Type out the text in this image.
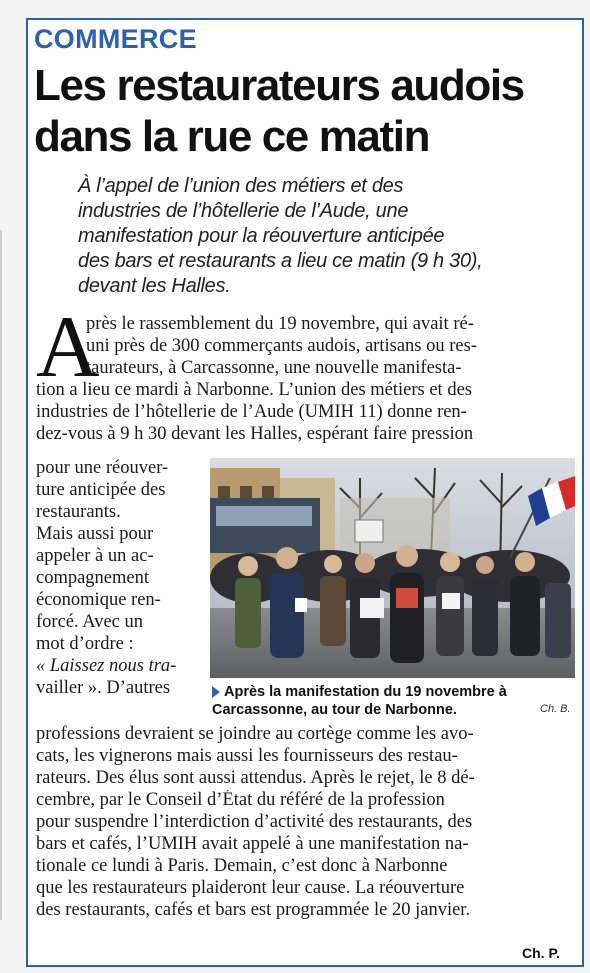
COMMERCE
Les restaurateurs audois
dans la rue ce matin
À l’appel de l’union des métiers et des
industries de l’hôtellerie de l’Aude, une
manifestation pour la réouverture anticipée
des bars et restaurants a lieu ce matin (9 h 30),
devant les Halles.
A
près le rassemblement du 19 novembre, qui avait ré-
uni près de 300 commerçants audois, artisans ou res-
taurateurs, à Carcassonne, une nouvelle manifesta-
tion a lieu ce mardi à Narbonne. L’union des métiers et des
industries de l’hôtellerie de l’Aude (UMIH 11) donne ren-
dez-vous à 9 h 30 devant les Halles, espérant faire pression
pour une réouver-
ture anticipée des
restaurants.
Mais aussi pour
appeler à un ac-
compagnement
économique ren-
forcé. Avec un
mot d’ordre :
« Laissez nous tra-
vailler ». D’autres
professions devraient se joindre au cortège comme les avo-
cats, les vignerons mais aussi les fournisseurs des restau-
rateurs. Des élus sont aussi attendus. Après le rejet, le 8 dé-
cembre, par le Conseil d’État du référé de la profession
pour suspendre l’interdiction d’activité des restaurants, des
bars et cafés, l’UMIH avait appelé à une manifestation na-
tionale ce lundi à Paris. Demain, c’est donc à Narbonne
que les restaurateurs plaideront leur cause. La réouverture
des restaurants, cafés et bars est programmée le 20 janvier.

Après la manifestation du 19 novembre à
Carcassonne, au tour de Narbonne.	Ch. B.
Ch. P.
